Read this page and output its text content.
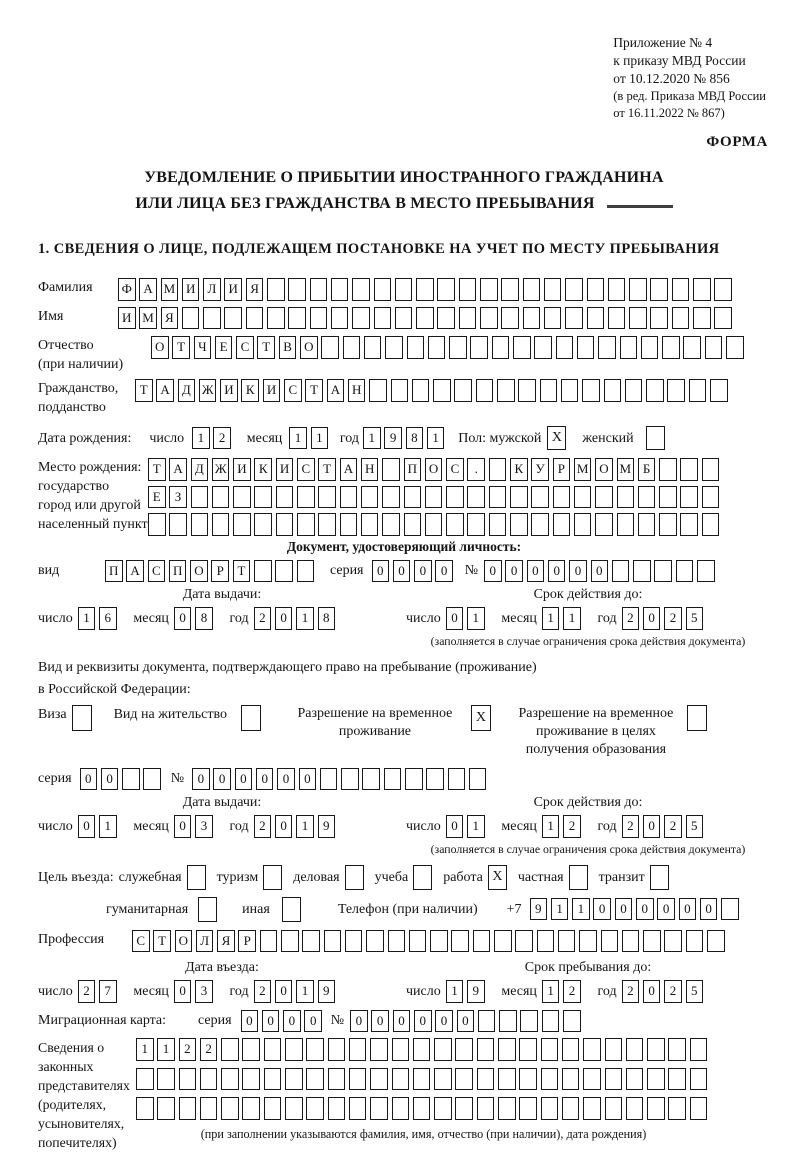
Приложение № 4
к приказу МВД России
от 10.12.2020 № 856
(в ред. Приказа МВД России
от 16.11.2022 № 867)
ФОРМА
УВЕДОМЛЕНИЕ О ПРИБЫТИИ ИНОСТРАННОГО ГРАЖДАНИНА
ИЛИ ЛИЦА БЕЗ ГРАЖДАНСТВА В МЕСТО ПРЕБЫВАНИЯ
1. СВЕДЕНИЯ О ЛИЦЕ, ПОДЛЕЖАЩЕМ ПОСТАНОВКЕ НА УЧЕТ ПО МЕСТУ ПРЕБЫВАНИЯ
Фамилия	Ф А М И Л И Я
Имя	И М Я
Отчество
(при наличии)
О Т	Ч	Е С Т В О
Гражданство,
подданство
Т А Д Ж И К И С Т А Н
Дата рождения: число	1	2	месяц 1	1	год 1	9	8	1	Пол: мужской X	женский
Место рождения:
государство
город или другой
населенный пункт
Т А Д Ж И К И С Т А Н	П О С	.	К У	Р М О М Б
Е	З
Документ, удостоверяющий личность:
вид	П А С П О Р	Т	серия	0	0	0	0	№ 0	0	0	0	0	0
Дата выдачи:
число 1	6	месяц 0	8	год 2	0	1	8
Срок действия до:
число 0	1	месяц 1	1	год 2	0	2	5
(заполняется в случае ограничения срока действия документа)
Вид и реквизиты документа, подтверждающего право на пребывание (проживание)
в Российской Федерации:
Виза	Вид на жительство	Разрешение на временное проживание
X	Разрешение на временное проживание в целях получения образования
серия	0	0	№	0	0	0	0	0	0
Дата выдачи:
число 0	1	месяц 0	3	год 2	0	1	9
Срок действия до:
число 0	1	месяц 1	2	год 2	0	2	5
(заполняется в случае ограничения срока действия документа)
Цель въезда: служебная	туризм	деловая	учеба	работа X	частная	транзит
гуманитарная	иная	Телефон (при наличии) +7	9	1	1	0	0	0	0	0	0
Профессия	С Т О Л Я	Р
Дата въезда:
число 2	7	месяц 0	3	год 2	0	1	9
Срок пребывания до:
число 1	9	месяц 1	2	год 2	0	2	5
Миграционная карта: серия	0	0	0	0	№ 0	0	0	0	0	0
Сведения о
законных
представителях
(родителях,
усыновителях,
попечителях)
1	1	2	2
(при заполнении указываются фамилия, имя, отчество (при наличии), дата рождения)
